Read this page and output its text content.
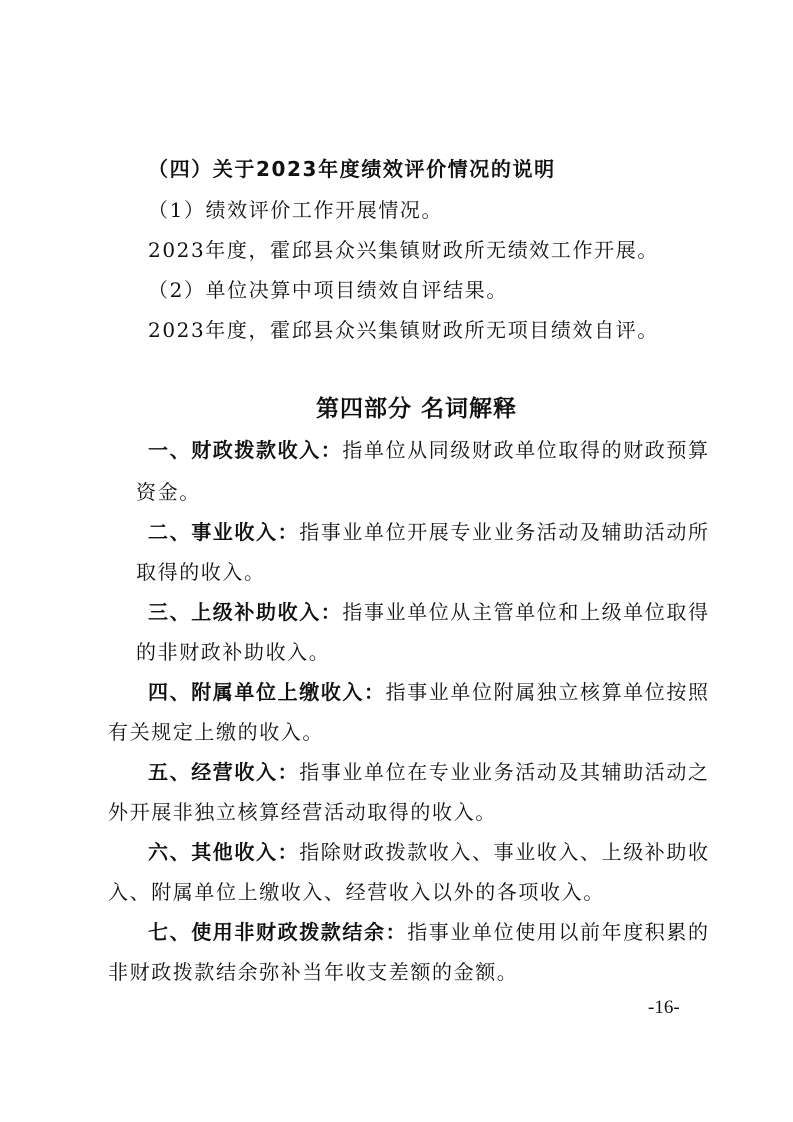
（四）关于2023年度绩效评价情况的说明
（1）绩效评价工作开展情况。
2023年度，霍邱县众兴集镇财政所无绩效工作开展。
（2）单位决算中项目绩效自评结果。
2023年度，霍邱县众兴集镇财政所无项目绩效自评。
第四部分 名词解释
一、财政拨款收入：指单位从同级财政单位取得的财政预算
资金。
二、事业收入：指事业单位开展专业业务活动及辅助活动所
取得的收入。
三、上级补助收入：指事业单位从主管单位和上级单位取得
的非财政补助收入。
四、附属单位上缴收入：指事业单位附属独立核算单位按照
有关规定上缴的收入。
五、经营收入：指事业单位在专业业务活动及其辅助活动之
外开展非独立核算经营活动取得的收入。
六、其他收入：指除财政拨款收入、事业收入、上级补助收
入、附属单位上缴收入、经营收入以外的各项收入。
七、使用非财政拨款结余：指事业单位使用以前年度积累的
非财政拨款结余弥补当年收支差额的金额。
-16-
